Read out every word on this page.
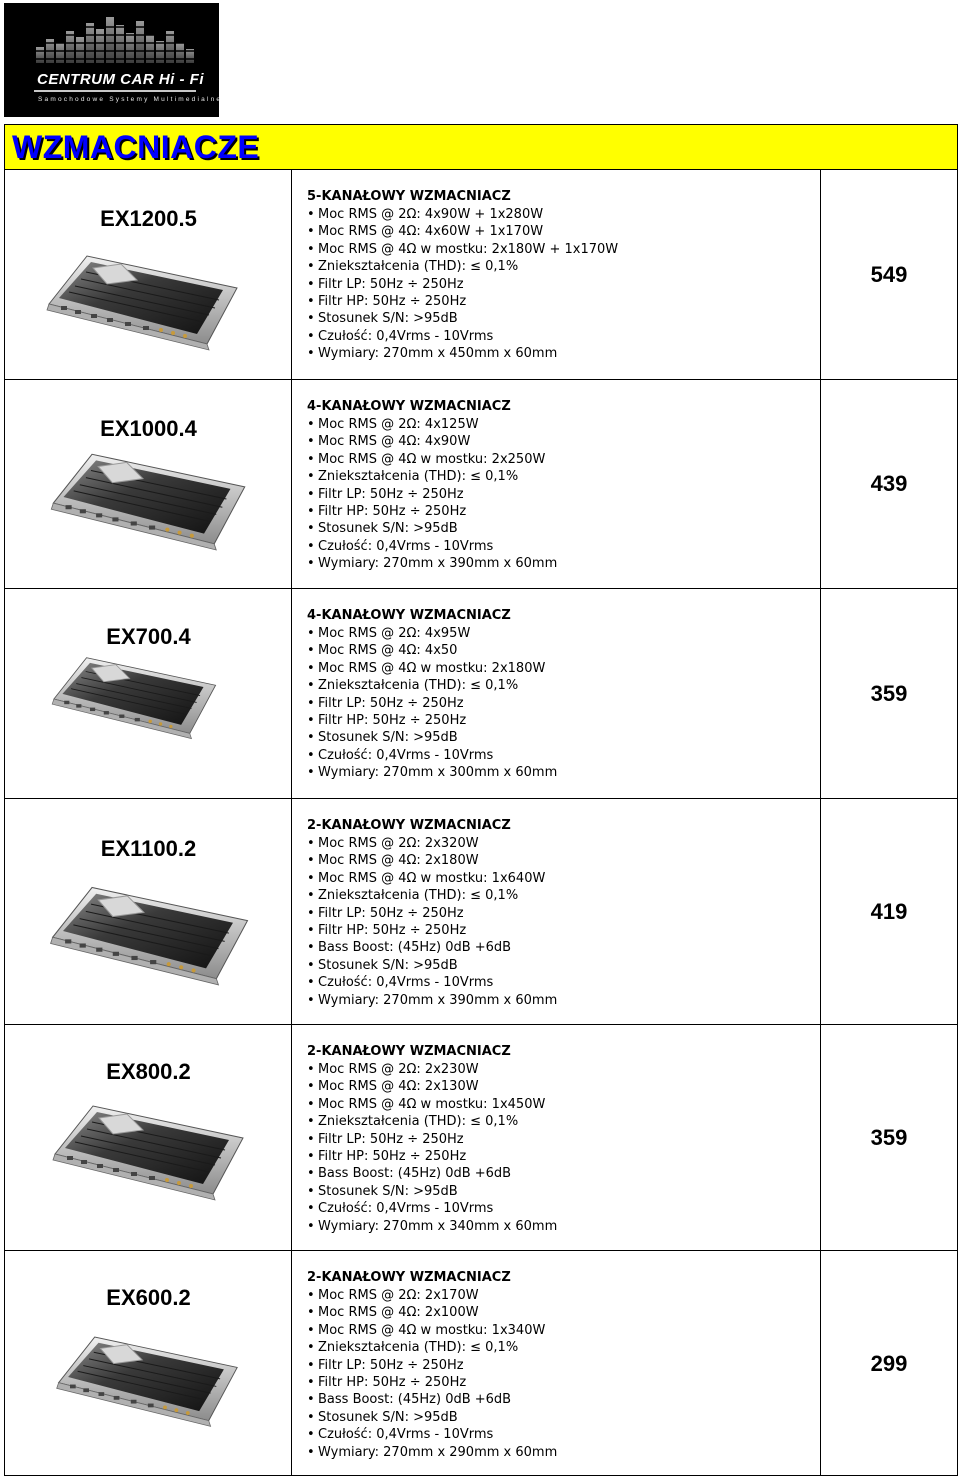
CENTRUM CAR Hi - Fi
Samochodowe Systemy Multimedialne
WZMACNIACZE
EX1200.5
5-KANAŁOWY WZMACNIACZ
• Moc RMS @ 2Ω: 4x90W + 1x280W
• Moc RMS @ 4Ω: 4x60W + 1x170W
• Moc RMS @ 4Ω w mostku: 2x180W + 1x170W
• Zniekształcenia (THD): ≤ 0,1%
• Filtr LP: 50Hz ÷ 250Hz
• Filtr HP: 50Hz ÷ 250Hz
• Stosunek S/N: >95dB
• Czułość: 0,4Vrms - 10Vrms
• Wymiary: 270mm x 450mm x 60mm
549
EX1000.4
4-KANAŁOWY WZMACNIACZ
• Moc RMS @ 2Ω: 4x125W
• Moc RMS @ 4Ω: 4x90W
• Moc RMS @ 4Ω w mostku: 2x250W
• Zniekształcenia (THD): ≤ 0,1%
• Filtr LP: 50Hz ÷ 250Hz
• Filtr HP: 50Hz ÷ 250Hz
• Stosunek S/N: >95dB
• Czułość: 0,4Vrms - 10Vrms
• Wymiary: 270mm x 390mm x 60mm
439
EX700.4
4-KANAŁOWY WZMACNIACZ
• Moc RMS @ 2Ω: 4x95W
• Moc RMS @ 4Ω: 4x50
• Moc RMS @ 4Ω w mostku: 2x180W
• Zniekształcenia (THD): ≤ 0,1%
• Filtr LP: 50Hz ÷ 250Hz
• Filtr HP: 50Hz ÷ 250Hz
• Stosunek S/N: >95dB
• Czułość: 0,4Vrms - 10Vrms
• Wymiary: 270mm x 300mm x 60mm
359
EX1100.2
2-KANAŁOWY WZMACNIACZ
• Moc RMS @ 2Ω: 2x320W
• Moc RMS @ 4Ω: 2x180W
• Moc RMS @ 4Ω w mostku: 1x640W
• Zniekształcenia (THD): ≤ 0,1%
• Filtr LP: 50Hz ÷ 250Hz
• Filtr HP: 50Hz ÷ 250Hz
• Bass Boost: (45Hz) 0dB +6dB
• Stosunek S/N: >95dB
• Czułość: 0,4Vrms - 10Vrms
• Wymiary: 270mm x 390mm x 60mm
419
EX800.2
2-KANAŁOWY WZMACNIACZ
• Moc RMS @ 2Ω: 2x230W
• Moc RMS @ 4Ω: 2x130W
• Moc RMS @ 4Ω w mostku: 1x450W
• Zniekształcenia (THD): ≤ 0,1%
• Filtr LP: 50Hz ÷ 250Hz
• Filtr HP: 50Hz ÷ 250Hz
• Bass Boost: (45Hz) 0dB +6dB
• Stosunek S/N: >95dB
• Czułość: 0,4Vrms - 10Vrms
• Wymiary: 270mm x 340mm x 60mm
359
EX600.2
2-KANAŁOWY WZMACNIACZ
• Moc RMS @ 2Ω: 2x170W
• Moc RMS @ 4Ω: 2x100W
• Moc RMS @ 4Ω w mostku: 1x340W
• Zniekształcenia (THD): ≤ 0,1%
• Filtr LP: 50Hz ÷ 250Hz
• Filtr HP: 50Hz ÷ 250Hz
• Bass Boost: (45Hz) 0dB +6dB
• Stosunek S/N: >95dB
• Czułość: 0,4Vrms - 10Vrms
• Wymiary: 270mm x 290mm x 60mm
299
